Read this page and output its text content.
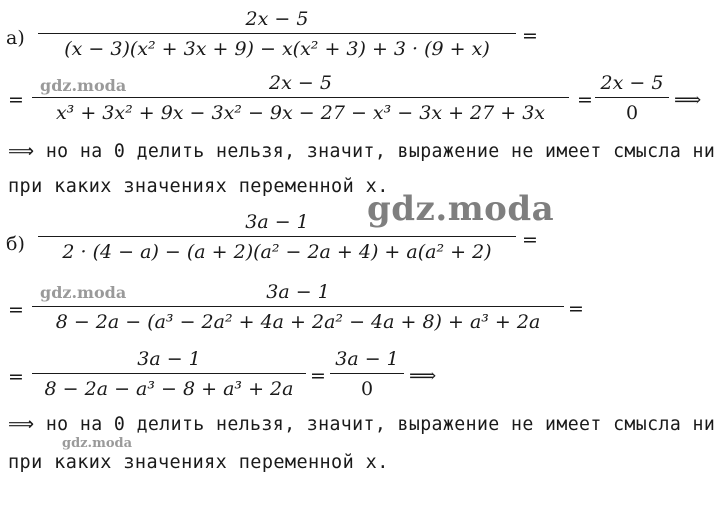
а)
2x − 5
(x − 3)(x² + 3x + 9) − x(x² + 3) + 3 · (9 + x)
=
=
2x − 5
x³ + 3x² + 9x − 3x² − 9x − 27 − x³ − 3x + 27 + 3x
=
2x − 5
0
⟹
gdz.moda
⟹ но на 0 делить нельзя, значит, выражение не имеет смысла ни
при каких значениях переменной x.
gdz.moda
б)
3a − 1
2 · (4 − a) − (a + 2)(a² − 2a + 4) + a(a² + 2)
=
=
3a − 1
8 − 2a − (a³ − 2a² + 4a + 2a² − 4a + 8) + a³ + 2a
=
gdz.moda
=
3a − 1
8 − 2a − a³ − 8 + a³ + 2a
=
3a − 1
0
⟹
⟹ но на 0 делить нельзя, значит, выражение не имеет смысла ни
gdz.moda
при каких значениях переменной x.
